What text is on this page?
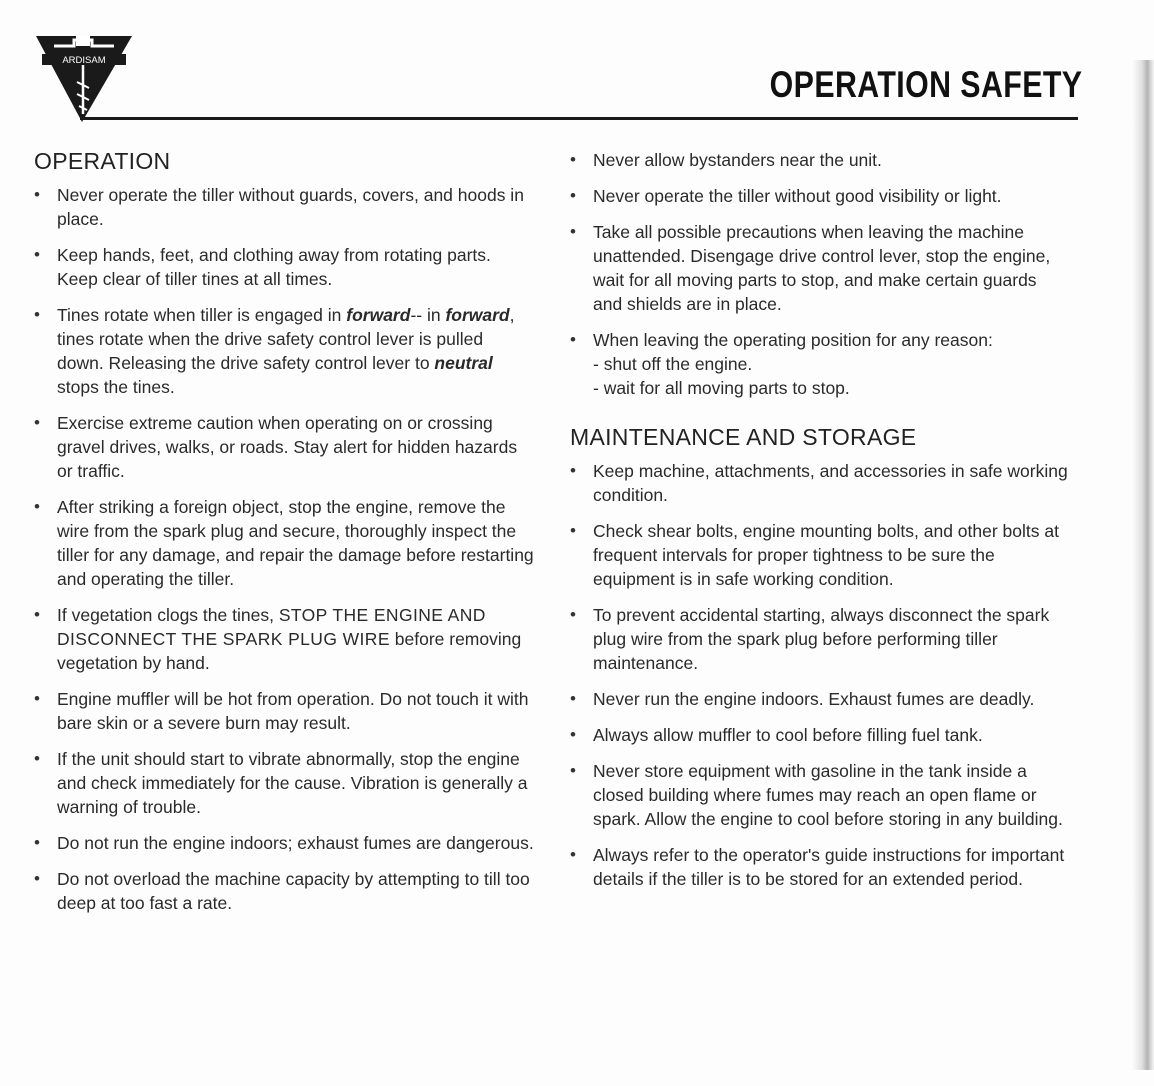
ARDISAM
OPERATION SAFETY
OPERATION
• Never operate the tiller without guards, covers, and hoods in place.
• Keep hands, feet, and clothing away from rotating parts. Keep clear of tiller tines at all times.
• Tines rotate when tiller is engaged in forward-- in forward, tines rotate when the drive safety control lever is pulled down. Releasing the drive safety control lever to neutral stops the tines.
• Exercise extreme caution when operating on or crossing gravel drives, walks, or roads. Stay alert for hidden hazards or traffic.
• After striking a foreign object, stop the engine, remove the wire from the spark plug and secure, thoroughly inspect the tiller for any damage, and repair the damage before restarting and operating the tiller.
• If vegetation clogs the tines, STOP THE ENGINE AND DISCONNECT THE SPARK PLUG WIRE before removing vegetation by hand.
• Engine muffler will be hot from operation. Do not touch it with bare skin or a severe burn may result.
• If the unit should start to vibrate abnormally, stop the engine and check immediately for the cause. Vibration is generally a warning of trouble.
• Do not run the engine indoors; exhaust fumes are dangerous.
• Do not overload the machine capacity by attempting to till too deep at too fast a rate.
• Never allow bystanders near the unit.
• Never operate the tiller without good visibility or light.
• Take all possible precautions when leaving the machine unattended. Disengage drive control lever, stop the engine, wait for all moving parts to stop, and make certain guards and shields are in place.
• When leaving the operating position for any reason:
- shut off the engine.
- wait for all moving parts to stop.
MAINTENANCE AND STORAGE
• Keep machine, attachments, and accessories in safe working condition.
• Check shear bolts, engine mounting bolts, and other bolts at frequent intervals for proper tightness to be sure the equipment is in safe working condition.
• To prevent accidental starting, always disconnect the spark plug wire from the spark plug before performing tiller maintenance.
• Never run the engine indoors. Exhaust fumes are deadly.
• Always allow muffler to cool before filling fuel tank.
• Never store equipment with gasoline in the tank inside a closed building where fumes may reach an open flame or spark. Allow the engine to cool before storing in any building.
• Always refer to the operator's guide instructions for important details if the tiller is to be stored for an extended period.
